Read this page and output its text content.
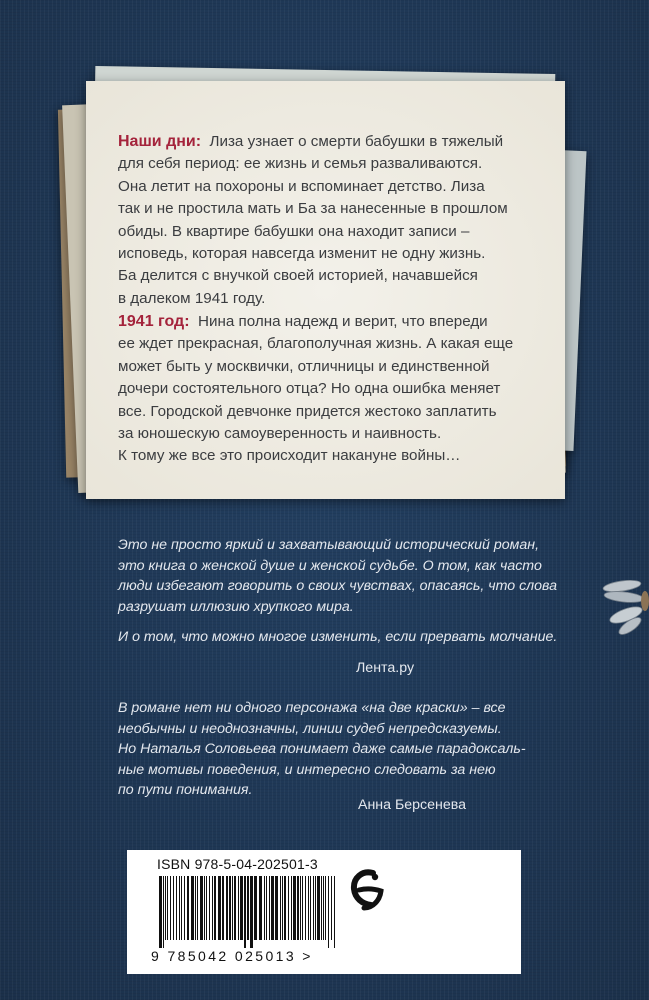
Наши дни: Лиза узнает о смерти бабушки в тяжелый
для себя период: ее жизнь и семья разваливаются.
Она летит на похороны и вспоминает детство. Лиза
так и не простила мать и Ба за нанесенные в прошлом
обиды. В квартире бабушки она находит записи –
исповедь, которая навсегда изменит не одну жизнь.
Ба делится с внучкой своей историей, начавшейся
в далеком 1941 году.
1941 год: Нина полна надежд и верит, что впереди
ее ждет прекрасная, благополучная жизнь. А какая еще
может быть у москвички, отличницы и единственной
дочери состоятельного отца? Но одна ошибка меняет
все. Городской девчонке придется жестоко заплатить
за юношескую самоуверенность и наивность.
К тому же все это происходит накануне войны…
Это не просто яркий и захватывающий исторический роман,
это книга о женской душе и женской судьбе. О том, как часто
люди избегают говорить о своих чувствах, опасаясь, что слова
разрушат иллюзию хрупкого мира.
И о том, что можно многое изменить, если прервать молчание.
Лента.ру
В романе нет ни одного персонажа «на две краски» – все
необычны и неоднозначны, линии судеб непредсказуемы.
Но Наталья Соловьева понимает даже самые парадоксаль-
ные мотивы поведения, и интересно следовать за нею
по пути понимания.
Анна Берсенева
ISBN 978-5-04-202501-3
9 785042 025013 >
